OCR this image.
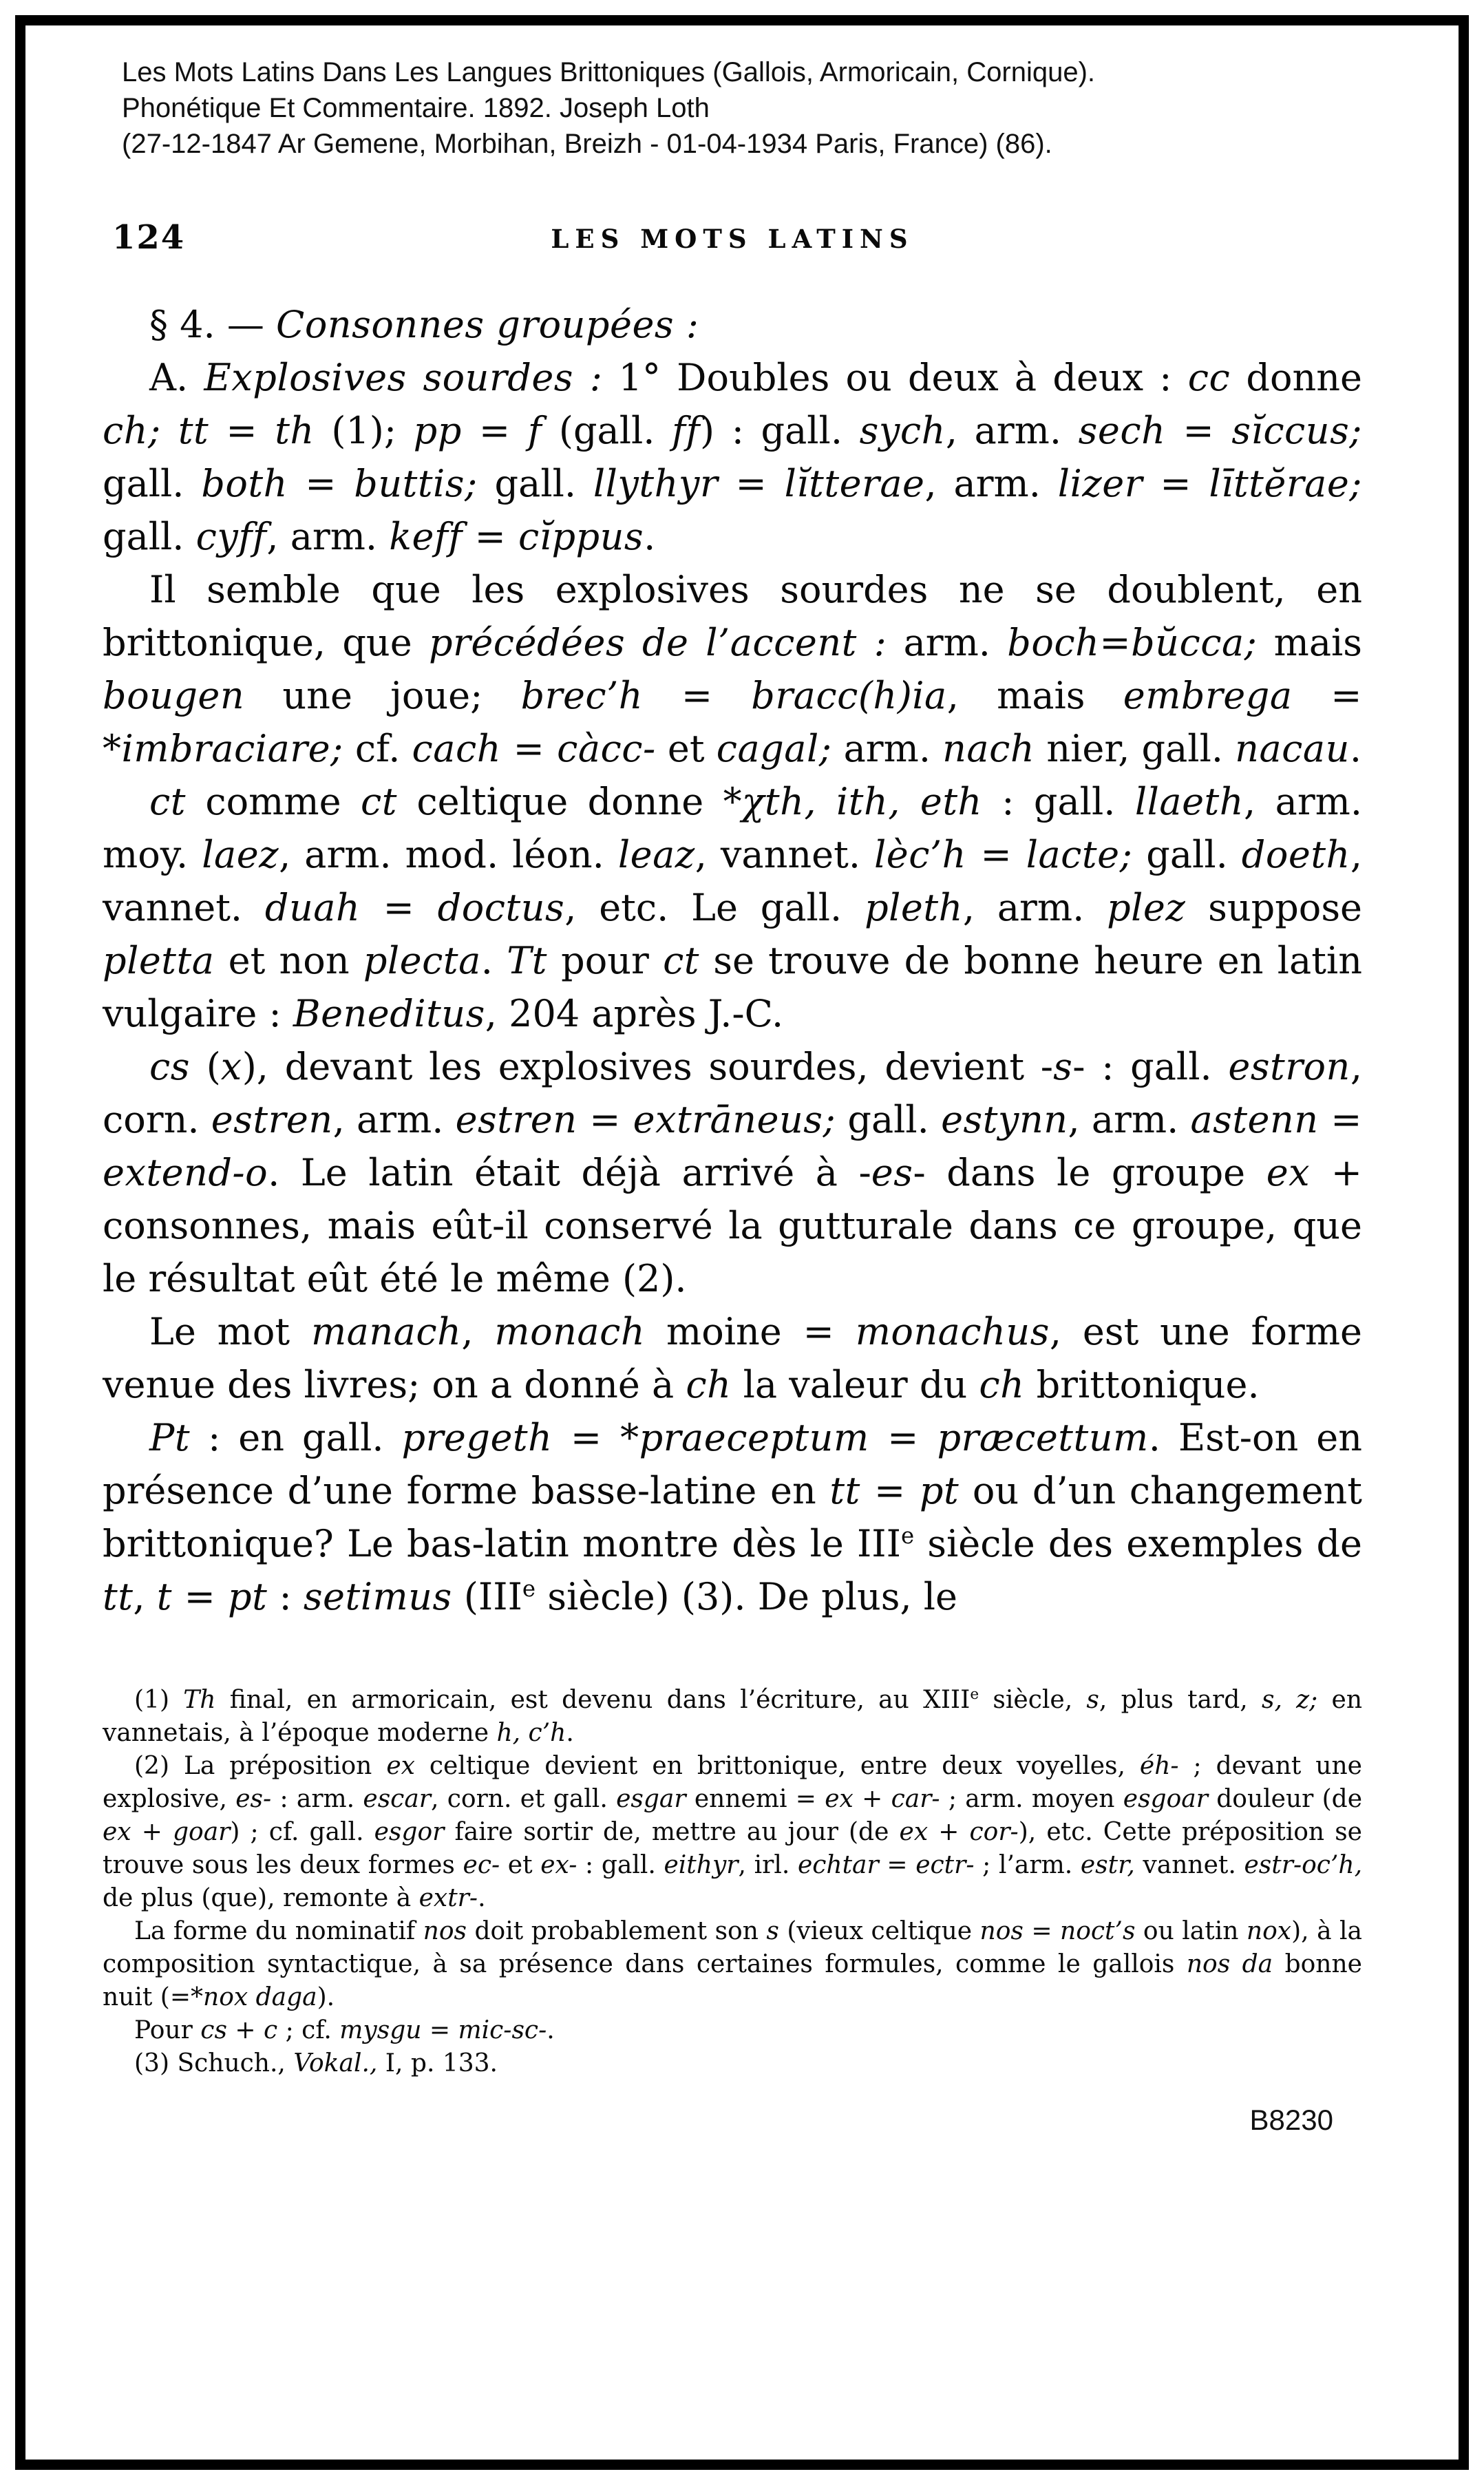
Les Mots Latins Dans Les Langues Brittoniques (Gallois, Armoricain, Cornique).
Phonétique Et Commentaire. 1892. Joseph Loth
(27-12-1847 Ar Gemene, Morbihan, Breizh - 01-04-1934 Paris, France) (86).
124	LES MOTS LATINS

§ 4. — Consonnes groupées :

A. Explosives sourdes : 1° Doubles ou deux à deux : cc donne ch; tt = th (1); pp = f (gall. ff) : gall. sych, arm. sech = sĭccus; gall. both = buttis; gall. llythyr = lĭtterae, arm. lizer = līttĕrae; gall. cyff, arm. keff = cĭppus.

Il semble que les explosives sourdes ne se doublent, en brittonique, que précédées de l’accent : arm. boch=bŭcca; mais bougen une joue; brec’h = bracc(h)ia, mais embrega = *imbraciare; cf. cach = càcc- et cagal; arm. nach nier, gall. nacau.

ct comme ct celtique donne *χth, ith, eth : gall. llaeth, arm. moy. laez, arm. mod. léon. leaz, vannet. lèc’h = lacte; gall. doeth, vannet. duah = doctus, etc. Le gall. pleth, arm. plez suppose pletta et non plecta. Tt pour ct se trouve de bonne heure en latin vulgaire : Beneditus, 204 après J.-C.

cs (x), devant les explosives sourdes, devient -s- : gall. estron, corn. estren, arm. estren = extrāneus; gall. estynn, arm. astenn = extend-o. Le latin était déjà arrivé à -es- dans le groupe ex + consonnes, mais eût-il conservé la gutturale dans ce groupe, que le résultat eût été le même (2).

Le mot manach, monach moine = monachus, est une forme venue des livres; on a donné à ch la valeur du ch brittonique.

Pt : en gall. pregeth = *praeceptum = præcettum. Est-on en présence d’une forme basse-latine en tt = pt ou d’un changement brittonique? Le bas-latin montre dès le IIIe siècle des exemples de tt, t = pt : setimus (IIIe siècle) (3). De plus, le

(1) Th final, en armoricain, est devenu dans l’écriture, au XIIIe siècle, s, plus tard, s, z; en vannetais, à l’époque moderne h, c’h.

(2) La préposition ex celtique devient en brittonique, entre deux voyelles, éh- ; devant une explosive, es- : arm. escar, corn. et gall. esgar ennemi = ex + car- ; arm. moyen esgoar douleur (de ex + goar) ; cf. gall. esgor faire sortir de, mettre au jour (de ex + cor-), etc. Cette préposition se trouve sous les deux formes ec- et ex- : gall. eithyr, irl. echtar = ectr- ; l’arm. estr, vannet. estr-oc’h, de plus (que), remonte à extr-.

La forme du nominatif nos doit probablement son s (vieux celtique nos = noct’s ou latin nox), à la composition syntactique, à sa présence dans certaines formules, comme le gallois nos da bonne nuit (=*nox daga).

Pour cs + c ; cf. mysgu = mic-sc-.

(3) Schuch., Vokal., I, p. 133.

B8230
